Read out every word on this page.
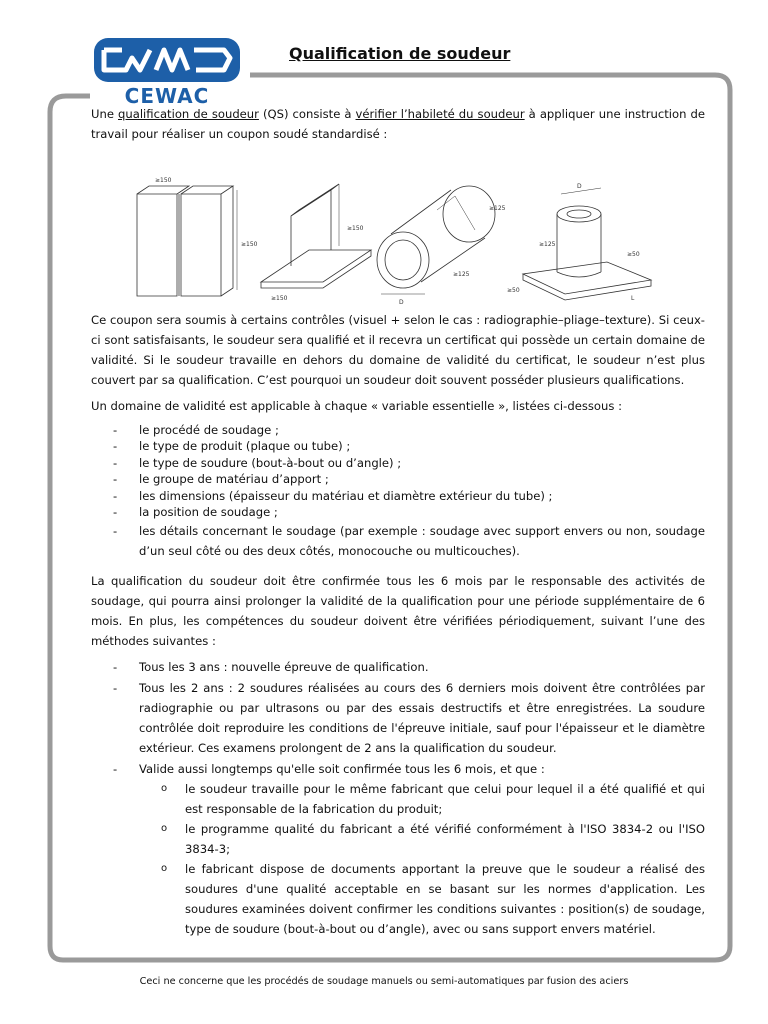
CEWAC
Qualification de soudeur

Une qualification de soudeur (QS) consiste à vérifier l’habileté du soudeur à appliquer une instruction de travail pour réaliser un coupon soudé standardisé :

≥150
≥150
≥150
≥150
D
≥125
≥125
D
≥125
≥50
≥50
L

Ce coupon sera soumis à certains contrôles (visuel + selon le cas : radiographie–pliage–texture). Si ceux-ci sont satisfaisants, le soudeur sera qualifié et il recevra un certificat qui possède un certain domaine de validité. Si le soudeur travaille en dehors du domaine de validité du certificat, le soudeur n’est plus couvert par sa qualification. C’est pourquoi un soudeur doit souvent posséder plusieurs qualifications.

Un domaine de validité est applicable à chaque « variable essentielle », listées ci-dessous :

- le procédé de soudage ;
- le type de produit (plaque ou tube) ;
- le type de soudure (bout-à-bout ou d’angle) ;
- le groupe de matériau d’apport ;
- les dimensions (épaisseur du matériau et diamètre extérieur du tube) ;
- la position de soudage ;
- les détails concernant le soudage (par exemple : soudage avec support envers ou non, soudage d’un seul côté ou des deux côtés, monocouche ou multicouches).

La qualification du soudeur doit être confirmée tous les 6 mois par le responsable des activités de soudage, qui pourra ainsi prolonger la validité de la qualification pour une période supplémentaire de 6 mois. En plus, les compétences du soudeur doivent être vérifiées périodiquement, suivant l’une des méthodes suivantes :

- Tous les 3 ans : nouvelle épreuve de qualification.
- Tous les 2 ans : 2 soudures réalisées au cours des 6 derniers mois doivent être contrôlées par radiographie ou par ultrasons ou par des essais destructifs et être enregistrées. La soudure contrôlée doit reproduire les conditions de l'épreuve initiale, sauf pour l'épaisseur et le diamètre extérieur. Ces examens prolongent de 2 ans la qualification du soudeur.
- Valide aussi longtemps qu'elle soit confirmée tous les 6 mois, et que :
o le soudeur travaille pour le même fabricant que celui pour lequel il a été qualifié et qui est responsable de la fabrication du produit;
o le programme qualité du fabricant a été vérifié conformément à l'ISO 3834-2 ou l'ISO 3834-3;
o le fabricant dispose de documents apportant la preuve que le soudeur a réalisé des soudures d'une qualité acceptable en se basant sur les normes d'application. Les soudures examinées doivent confirmer les conditions suivantes : position(s) de soudage, type de soudure (bout-à-bout ou d’angle), avec ou sans support envers matériel.
Ceci ne concerne que les procédés de soudage manuels ou semi-automatiques par fusion des aciers
